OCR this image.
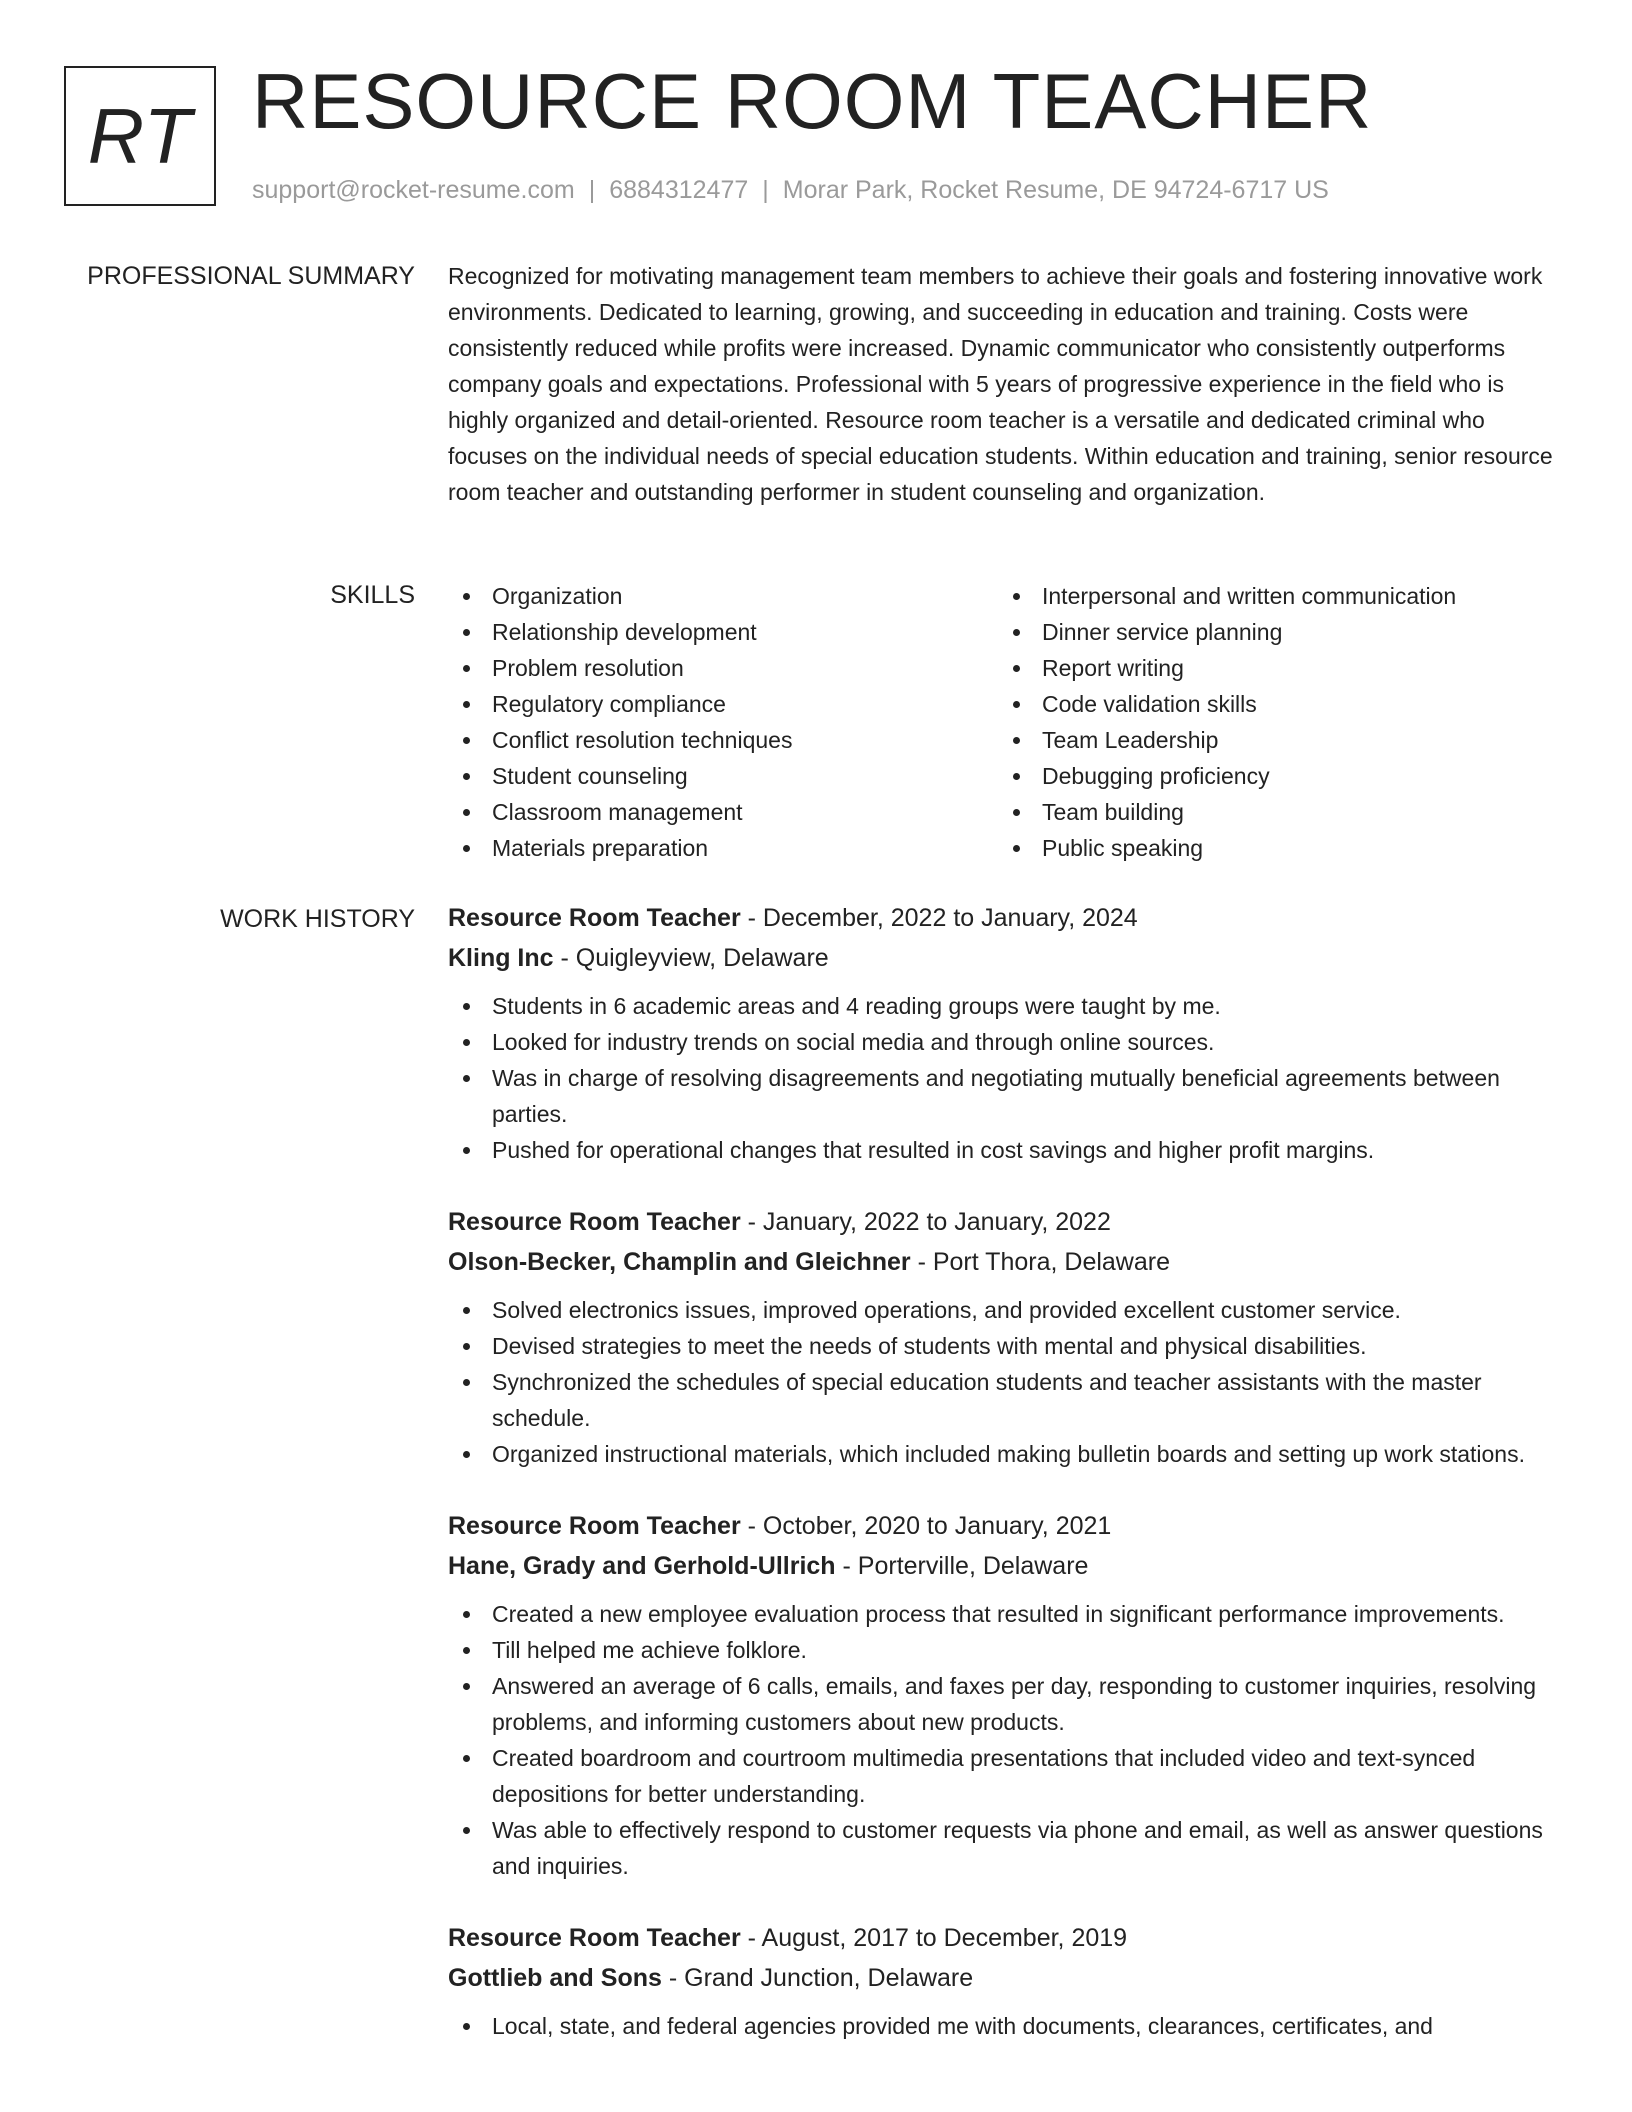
RT RESOURCE ROOM TEACHER
support@rocket-resume.com | 6884312477 | Morar Park, Rocket Resume, DE 94724-6717 US
PROFESSIONAL SUMMARY Recognized for motivating management team members to achieve their goals and fostering innovative work environments. Dedicated to learning, growing, and succeeding in education and training. Costs were consistently reduced while profits were increased. Dynamic communicator who consistently outperforms company goals and expectations. Professional with 5 years of progressive experience in the field who is highly organized and detail-oriented. Resource room teacher is a versatile and dedicated criminal who focuses on the individual needs of special education students. Within education and training, senior resource room teacher and outstanding performer in student counseling and organization.

SKILLS	Organization
Relationship development
Problem resolution
Regulatory compliance
Conflict resolution techniques
Student counseling
Classroom management
Materials preparation
Interpersonal and written communication
Dinner service planning
Report writing
Code validation skills
Team Leadership
Debugging proficiency
Team building
Public speaking
WORK HISTORY Resource Room Teacher - December, 2022 to January, 2024
Kling Inc - Quigleyview, Delaware
Students in 6 academic areas and 4 reading groups were taught by me.
Looked for industry trends on social media and through online sources.
Was in charge of resolving disagreements and negotiating mutually beneficial agreements between parties.
Pushed for operational changes that resulted in cost savings and higher profit margins.
Resource Room Teacher - January, 2022 to January, 2022
Olson-Becker, Champlin and Gleichner - Port Thora, Delaware
Solved electronics issues, improved operations, and provided excellent customer service.
Devised strategies to meet the needs of students with mental and physical disabilities.
Synchronized the schedules of special education students and teacher assistants with the master schedule.
Organized instructional materials, which included making bulletin boards and setting up work stations.
Resource Room Teacher - October, 2020 to January, 2021
Hane, Grady and Gerhold-Ullrich - Porterville, Delaware
Created a new employee evaluation process that resulted in significant performance improvements.
Till helped me achieve folklore.
Answered an average of 6 calls, emails, and faxes per day, responding to customer inquiries, resolving problems, and informing customers about new products.
Created boardroom and courtroom multimedia presentations that included video and text-synced depositions for better understanding.
Was able to effectively respond to customer requests via phone and email, as well as answer questions and inquiries.
Resource Room Teacher - August, 2017 to December, 2019
Gottlieb and Sons - Grand Junction, Delaware
Local, state, and federal agencies provided me with documents, clearances, certificates, and
